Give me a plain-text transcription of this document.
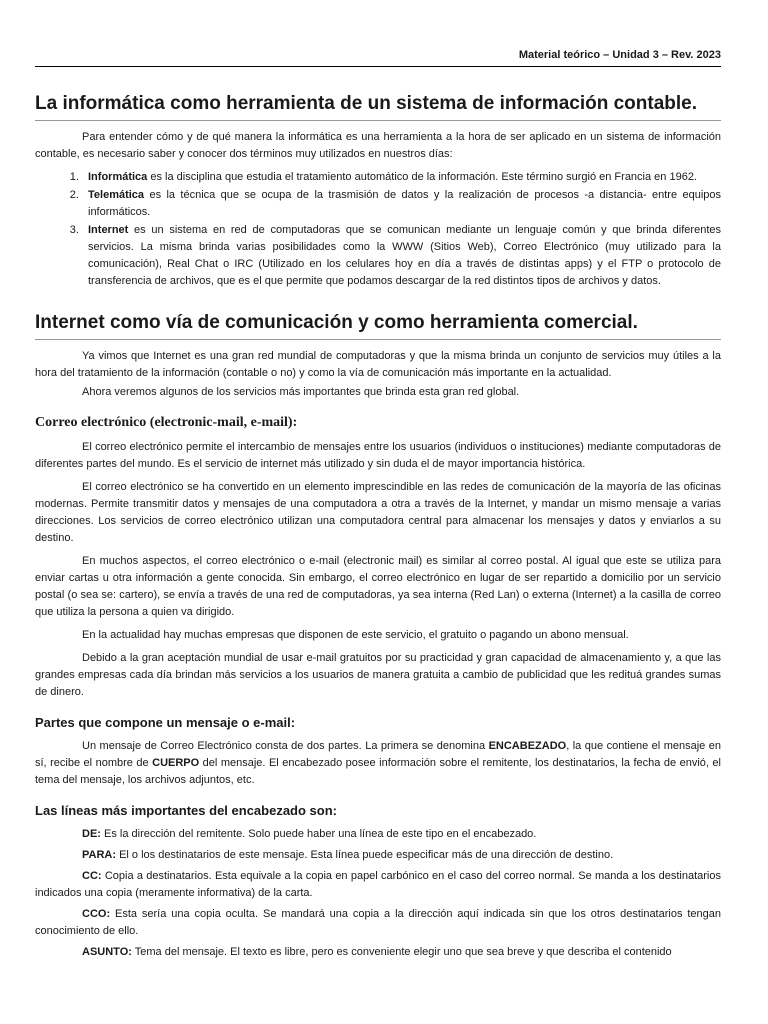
Material teórico – Unidad 3 – Rev. 2023
La informática como herramienta de un sistema de información contable.

Para entender cómo y de qué manera la informática es una herramienta a la hora de ser aplicado en un sistema de información contable, es necesario saber y conocer dos términos muy utilizados en nuestros días:

1. Informática es la disciplina que estudia el tratamiento automático de la información. Este término surgió en Francia en 1962.
2. Telemática es la técnica que se ocupa de la trasmisión de datos y la realización de procesos -a distancia- entre equipos informáticos.
3. Internet es un sistema en red de computadoras que se comunican mediante un lenguaje común y que brinda diferentes servicios. La misma brinda varias posibilidades como la WWW (Sitios Web), Correo Electrónico (muy utilizado para la comunicación), Real Chat o IRC (Utilizado en los celulares hoy en día a través de distintas apps) y el FTP o protocolo de transferencia de archivos, que es el que permite que podamos descargar de la red distintos tipos de archivos y datos.
Internet como vía de comunicación y como herramienta comercial.

Ya vimos que Internet es una gran red mundial de computadoras y que la misma brinda un conjunto de servicios muy útiles a la hora del tratamiento de la información (contable o no) y como la vía de comunicación más importante en la actualidad.

Ahora veremos algunos de los servicios más importantes que brinda esta gran red global.

Correo electrónico (electronic-mail, e-mail):

El correo electrónico permite el intercambio de mensajes entre los usuarios (individuos o instituciones) mediante computadoras de diferentes partes del mundo. Es el servicio de internet más utilizado y sin duda el de mayor importancia histórica.

El correo electrónico se ha convertido en un elemento imprescindible en las redes de comunicación de la mayoría de las oficinas modernas. Permite transmitir datos y mensajes de una computadora a otra a través de la Internet, y mandar un mismo mensaje a varias direcciones. Los servicios de correo electrónico utilizan una computadora central para almacenar los mensajes y datos y enviarlos a su destino.

En muchos aspectos, el correo electrónico o e-mail (electronic mail) es similar al correo postal. Al igual que este se utiliza para enviar cartas u otra información a gente conocida. Sin embargo, el correo electrónico en lugar de ser repartido a domicilio por un servicio postal (o sea se: cartero), se envía a través de una red de computadoras, ya sea interna (Red Lan) o externa (Internet) a la casilla de correo que utiliza la persona a quien va dirigido.

En la actualidad hay muchas empresas que disponen de este servicio, el gratuito o pagando un abono mensual.

Debido a la gran aceptación mundial de usar e-mail gratuitos por su practicidad y gran capacidad de almacenamiento y, a que las grandes empresas cada día brindan más servicios a los usuarios de manera gratuita a cambio de publicidad que les redituá grandes sumas de dinero.

Partes que compone un mensaje o e-mail:

Un mensaje de Correo Electrónico consta de dos partes. La primera se denomina ENCABEZADO, la que contiene el mensaje en sí, recibe el nombre de CUERPO del mensaje. El encabezado posee información sobre el remitente, los destinatarios, la fecha de envió, el tema del mensaje, los archivos adjuntos, etc.

Las líneas más importantes del encabezado son:

DE: Es la dirección del remitente. Solo puede haber una línea de este tipo en el encabezado.

PARA: El o los destinatarios de este mensaje. Esta línea puede especificar más de una dirección de destino.

CC: Copia a destinatarios. Esta equivale a la copia en papel carbónico en el caso del correo normal. Se manda a los destinatarios indicados una copia (meramente informativa) de la carta.

CCO: Esta sería una copia oculta. Se mandará una copia a la dirección aquí indicada sin que los otros destinatarios tengan conocimiento de ello.

ASUNTO: Tema del mensaje. El texto es libre, pero es conveniente elegir uno que sea breve y que describa el contenido
